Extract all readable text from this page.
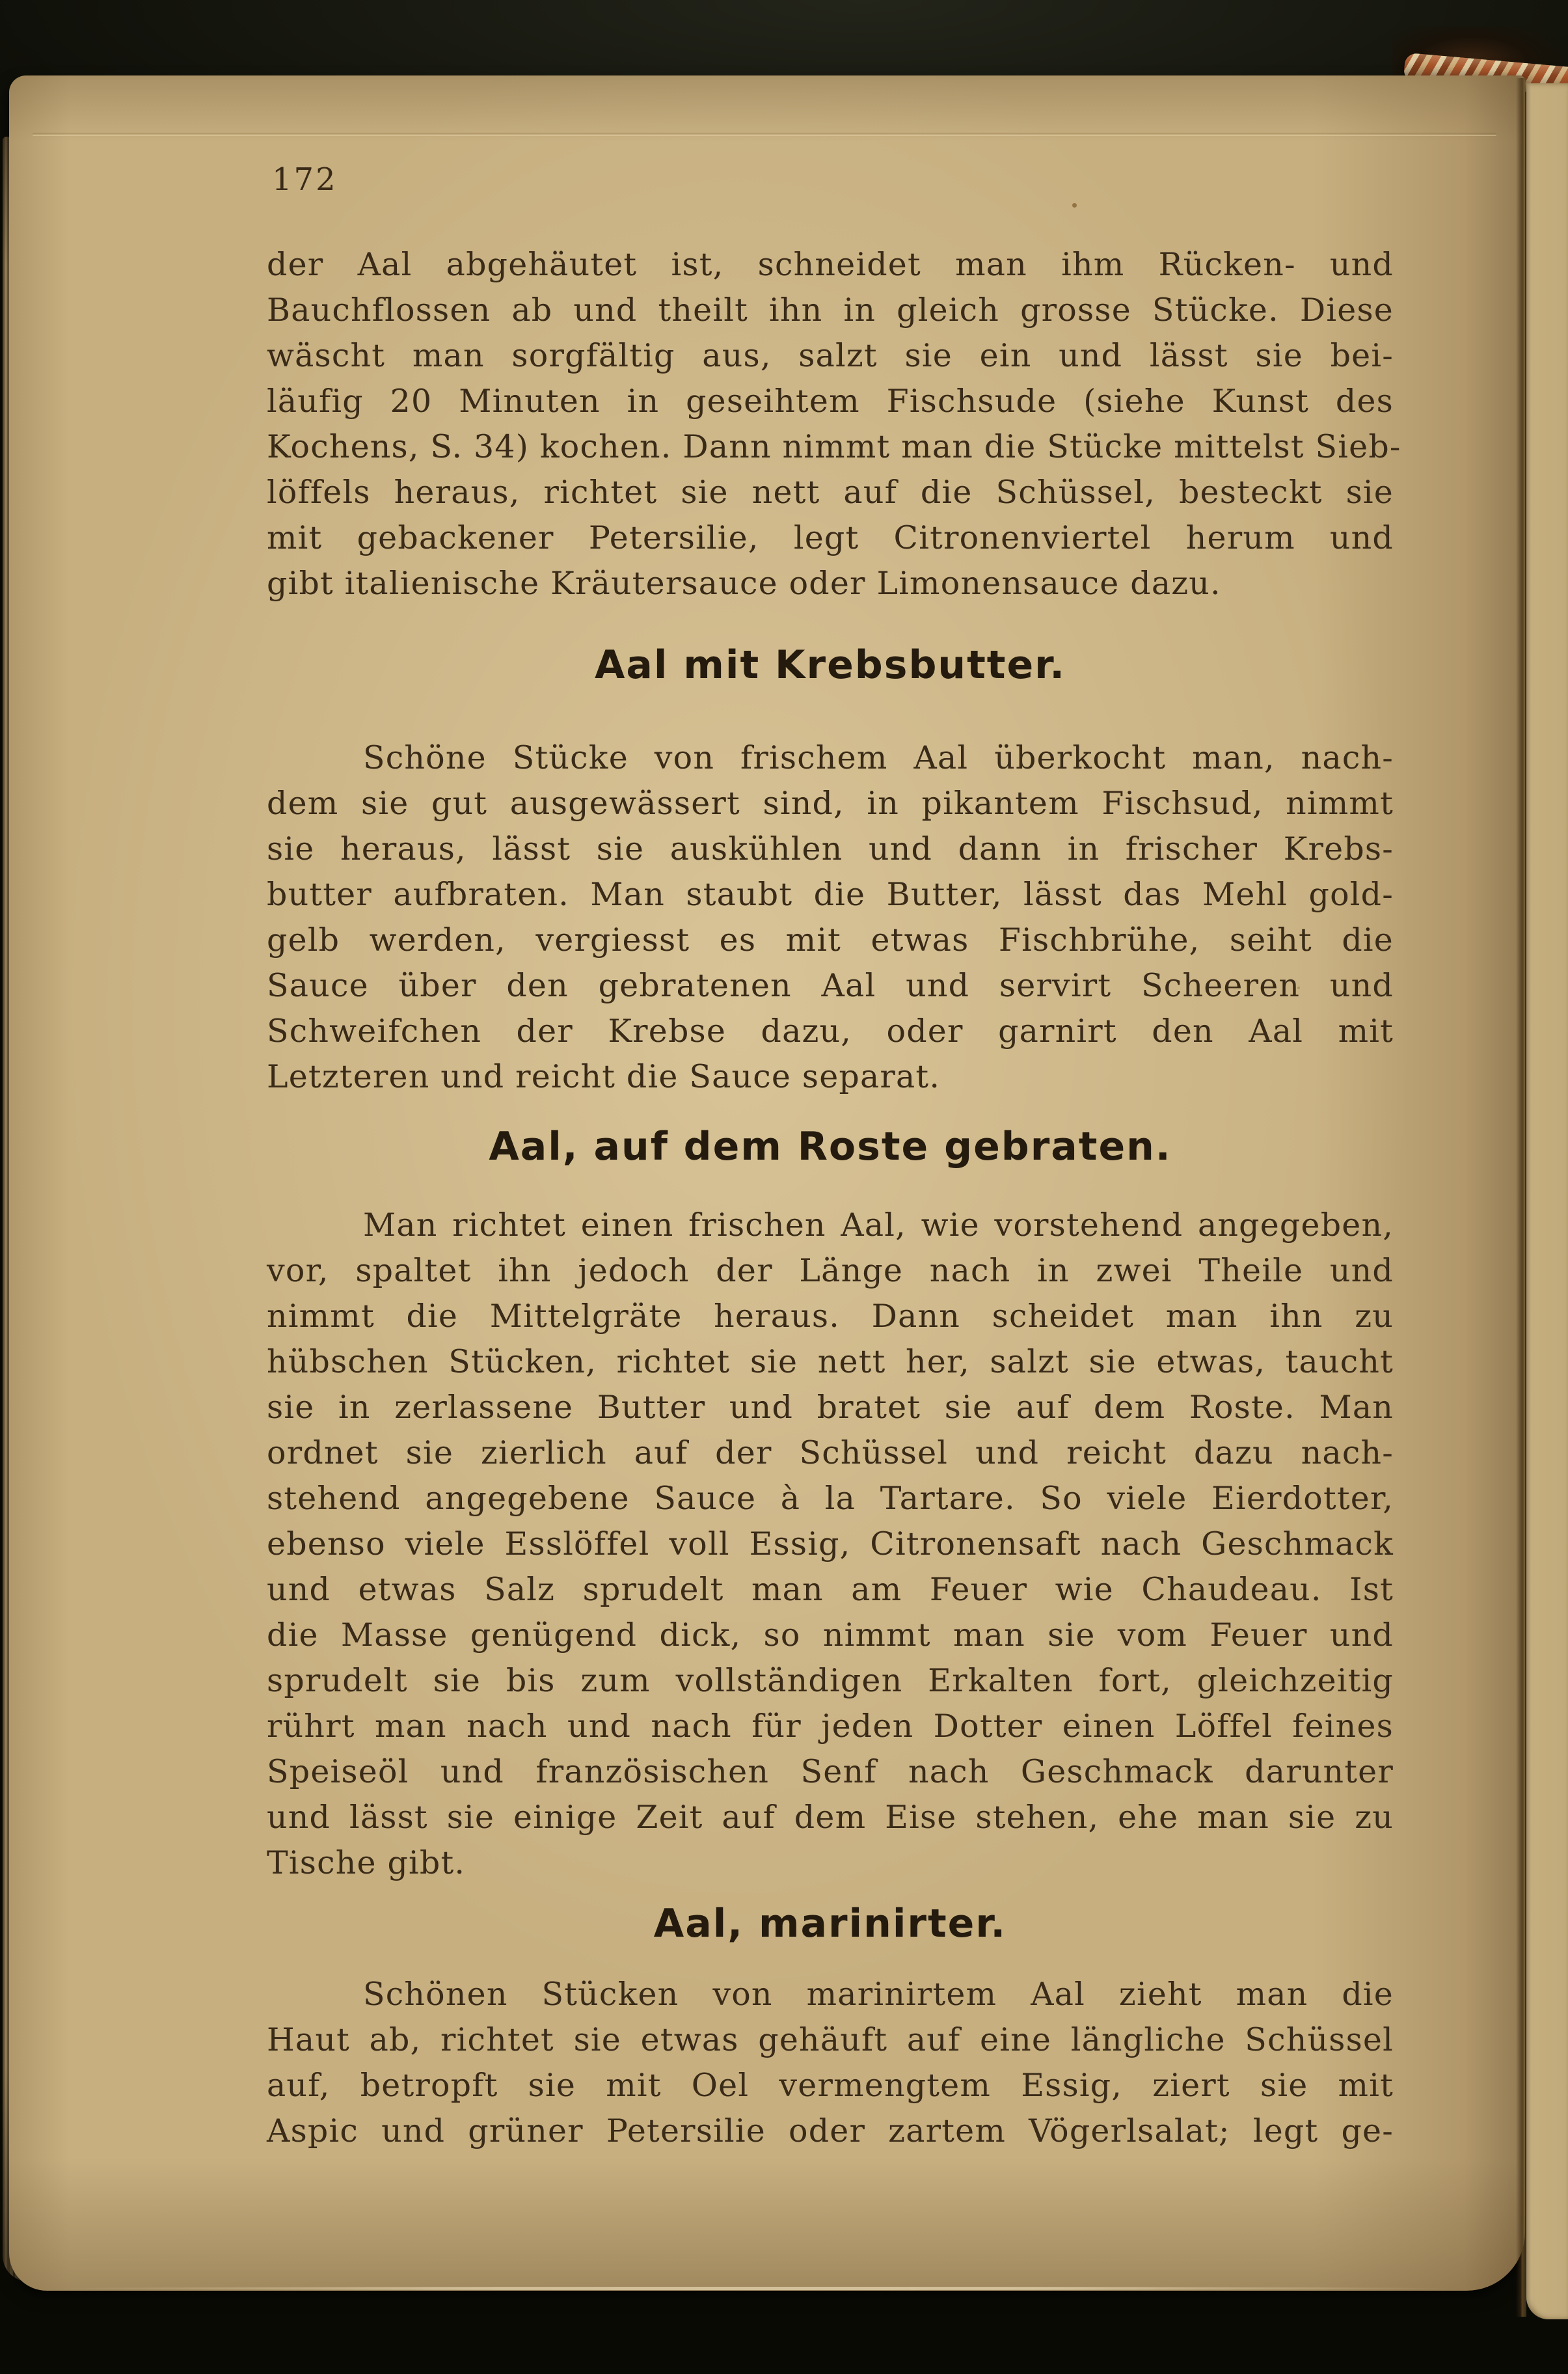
172
der Aal abgehäutet ist, schneidet man ihm Rücken- und
Bauchflossen ab und theilt ihn in gleich grosse Stücke. Diese
wäscht man sorgfältig aus, salzt sie ein und lässt sie bei-
läufig 20 Minuten in geseihtem Fischsude (siehe Kunst des
Kochens, S. 34) kochen. Dann nimmt man die Stücke mittelst Sieb-
löffels heraus, richtet sie nett auf die Schüssel, besteckt sie
mit gebackener Petersilie, legt Citronenviertel herum und
gibt italienische Kräutersauce oder Limonensauce dazu.
Aal mit Krebsbutter.
Schöne Stücke von frischem Aal überkocht man, nach-
dem sie gut ausgewässert sind, in pikantem Fischsud, nimmt
sie heraus, lässt sie auskühlen und dann in frischer Krebs-
butter aufbraten. Man staubt die Butter, lässt das Mehl gold-
gelb werden, vergiesst es mit etwas Fischbrühe, seiht die
Sauce über den gebratenen Aal und servirt Scheeren und
Schweifchen der Krebse dazu, oder garnirt den Aal mit
Letzteren und reicht die Sauce separat.
Aal, auf dem Roste gebraten.
Man richtet einen frischen Aal, wie vorstehend angegeben,
vor, spaltet ihn jedoch der Länge nach in zwei Theile und
nimmt die Mittelgräte heraus. Dann scheidet man ihn zu
hübschen Stücken, richtet sie nett her, salzt sie etwas, taucht
sie in zerlassene Butter und bratet sie auf dem Roste. Man
ordnet sie zierlich auf der Schüssel und reicht dazu nach-
stehend angegebene Sauce à la Tartare. So viele Eierdotter,
ebenso viele Esslöffel voll Essig, Citronensaft nach Geschmack
und etwas Salz sprudelt man am Feuer wie Chaudeau. Ist
die Masse genügend dick, so nimmt man sie vom Feuer und
sprudelt sie bis zum vollständigen Erkalten fort, gleichzeitig
rührt man nach und nach für jeden Dotter einen Löffel feines
Speiseöl und französischen Senf nach Geschmack darunter
und lässt sie einige Zeit auf dem Eise stehen, ehe man sie zu
Tische gibt.
Aal, marinirter.
Schönen Stücken von marinirtem Aal zieht man die
Haut ab, richtet sie etwas gehäuft auf eine längliche Schüssel
auf, betropft sie mit Oel vermengtem Essig, ziert sie mit
Aspic und grüner Petersilie oder zartem Vögerlsalat; legt ge-
